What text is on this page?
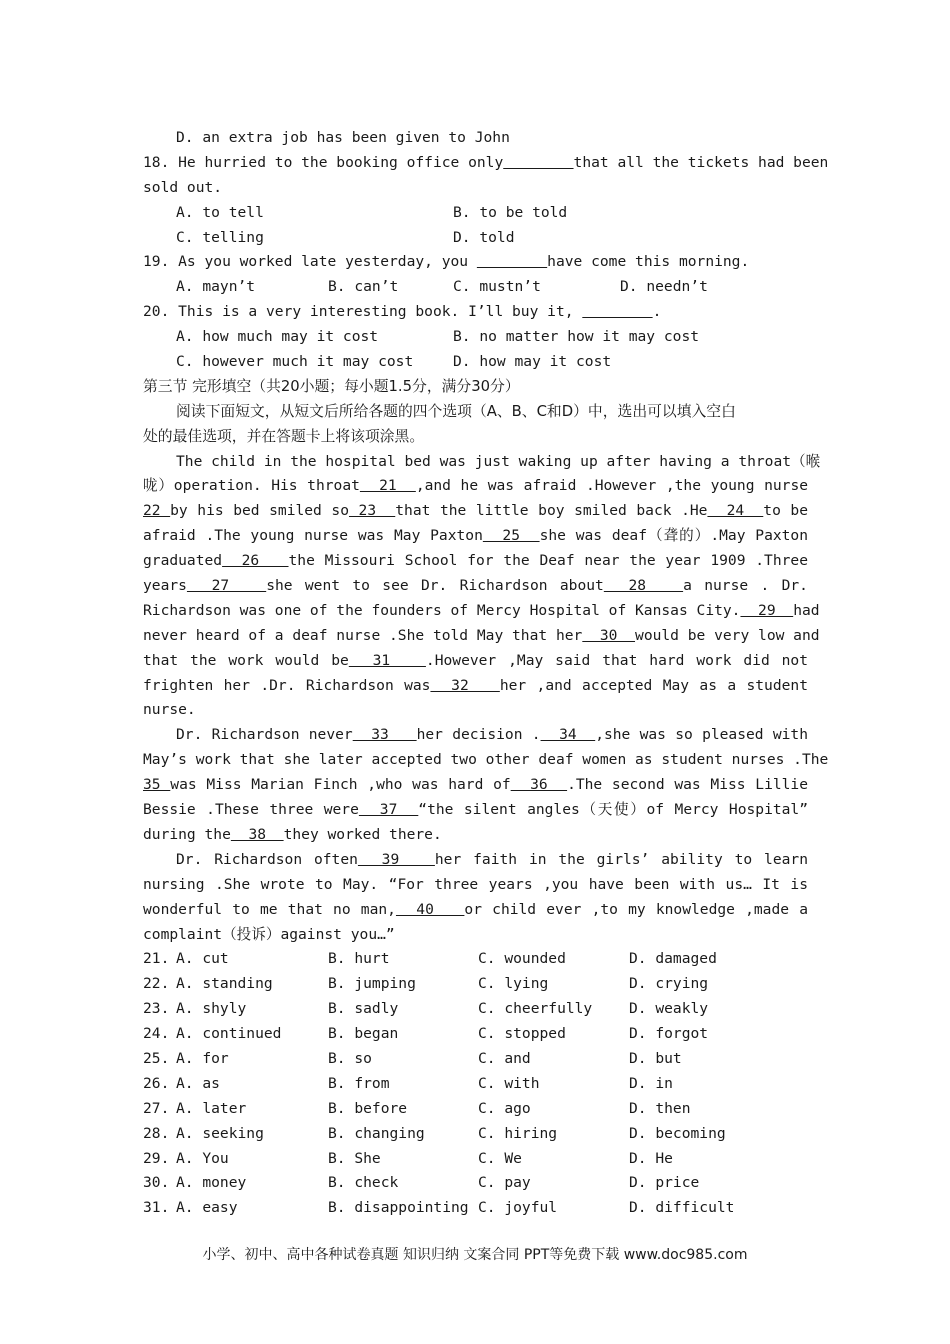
D. an extra job has been given to John
18. He hurried to the booking office only	that all the tickets had been
sold out.
A. to tell	B. to be told
C. telling	D. told
19. As you worked late yesterday, you	have come this morning.
A. mayn’t	B. can’t	C. mustn’t	D. needn’t
20. This is a very interesting book. I’ll buy it,	.
A. how much may it cost	B. no matter how it may cost
C. however much it may cost	D. how may it cost
第三节 完形填空（共20小题；每小题1.5分，满分30分）
阅读下面短文，从短文后所给各题的四个选项（A、B、C和D）中，选出可以填入空白
处的最佳选项，并在答题卡上将该项涂黑。
The child in the hospital bed was just waking up after having a throat（喉
咙）operation. His throat  21  ,and he was afraid .However ,the young nurse
22 by his bed smiled so 23  that the little boy smiled back .He  24  to be
afraid .The young nurse was May Paxton  25  she was deaf（聋的）.May Paxton
graduated  26   the Missouri School for the Deaf near the year 1909 .Three
years  27   she went to see Dr. Richardson about  28   a nurse . Dr.
Richardson was one of the founders of Mercy Hospital of Kansas City.  29  had
never heard of a deaf nurse .She told May that her  30  would be very low and
that the work would be  31   .However ,May said that hard work did not
frighten her .Dr. Richardson was  32   her ,and accepted May as a student
nurse.
Dr. Richardson never  33   her decision .  34  ,she was so pleased with
May’s work that she later accepted two other deaf women as student nurses .The
35 was Miss Marian Finch ,who was hard of  36  .The second was Miss Lillie
Bessie .These three were  37  “the silent angles（天使）of Mercy Hospital”
during the  38  they worked there.
Dr. Richardson often  39   her faith in the girls’ ability to learn
nursing .She wrote to May. “For three years ,you have been with us… It is
wonderful to me that no man,  40   or child ever ,to my knowledge ,made a
complaint（投诉）against you…”
21. A. cut	B. hurt	C. wounded	D. damaged
22. A. standing	B. jumping	C. lying	D. crying
23. A. shyly	B. sadly	C. cheerfully	D. weakly
24. A. continued	B. began	C. stopped	D. forgot
25. A. for	B. so	C. and	D. but
26. A. as	B. from	C. with	D. in
27. A. later	B. before	C. ago	D. then
28. A. seeking	B. changing	C. hiring	D. becoming
29. A. You	B. She	C. We	D. He
30. A. money	B. check	C. pay	D. price
31. A. easy	B. disappointing C. joyful	D. difficult
小学、初中、高中各种试卷真题 知识归纳 文案合同 PPT等免费下载 www.doc985.com
